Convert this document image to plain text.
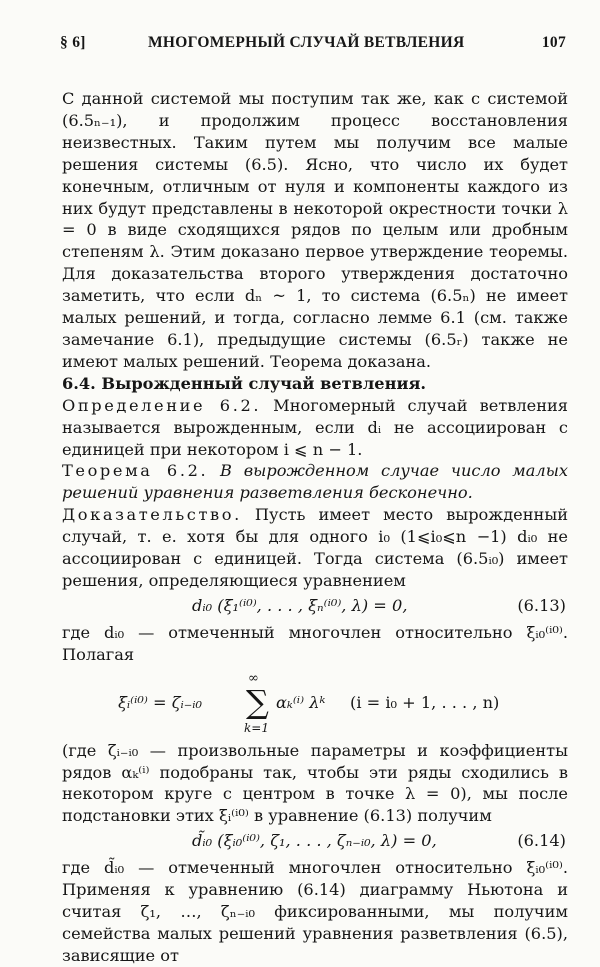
§ 6]	МНОГОМЕРНЫЙ СЛУЧАЙ ВЕТВЛЕНИЯ	107

С данной системой мы поступим так же, как с системой (6.5ₙ₋₁), и продолжим процесс восстановления неизвестных. Таким путем мы получим все малые решения системы (6.5). Ясно, что число их будет конечным, отличным от нуля и компоненты каждого из них будут представлены в некоторой окрестности точки λ = 0 в виде сходящихся рядов по целым или дробным степеням λ. Этим доказано первое утверждение теоремы. Для доказательства второго утверждения достаточно заметить, что если dₙ ~ 1, то система (6.5ₙ) не имеет малых решений, и тогда, согласно лемме 6.1 (см. также замечание 6.1), предыдущие системы (6.5ᵣ) также не имеют малых решений. Теорема доказана.

6.4. Вырожденный случай ветвления.

Определение 6.2. Многомерный случай ветвления называется вырожденным, если dᵢ не ассоциирован с единицей при некотором i ⩽ n − 1.

Теорема 6.2. В вырожденном случае число малых решений уравнения разветвления бесконечно.

Доказательство. Пусть имеет место вырожденный случай, т. е. хотя бы для одного i₀ (1⩽i₀⩽n −1) dᵢ₀ не ассоциирован с единицей. Тогда система (6.5ᵢ₀) имеет решения, определяющиеся уравнением

dᵢ₀ (ξ₁⁽ⁱ⁰⁾, . . . , ξₙ⁽ⁱ⁰⁾, λ) = 0,	(6.13)

где dᵢ₀ — отмеченный многочлен относительно ξᵢ₀⁽ⁱ⁰⁾. Полагая

ξᵢ⁽ⁱ⁰⁾ = ζᵢ₋ᵢ₀
∞
∑
k=1
αₖ⁽ⁱ⁾ λᵏ (i = i₀ + 1, . . . , n)

(где ζᵢ₋ᵢ₀ — произвольные параметры и коэффициенты рядов αₖ⁽ⁱ⁾ подобраны так, чтобы эти ряды сходились в некотором круге с центром в точке λ = 0), мы после подстановки этих ξᵢ⁽ⁱ⁰⁾ в уравнение (6.13) получим

d̃ᵢ₀ (ξᵢ₀⁽ⁱ⁰⁾, ζ₁, . . . , ζₙ₋ᵢ₀, λ) = 0,	(6.14)

где d̃ᵢ₀ — отмеченный многочлен относительно ξᵢ₀⁽ⁱ⁰⁾. Применяя к уравнению (6.14) диаграмму Ньютона и считая ζ₁, …, ζₙ₋ᵢ₀ фиксированными, мы получим семейства малых решений уравнения разветвления (6.5), зависящие от
